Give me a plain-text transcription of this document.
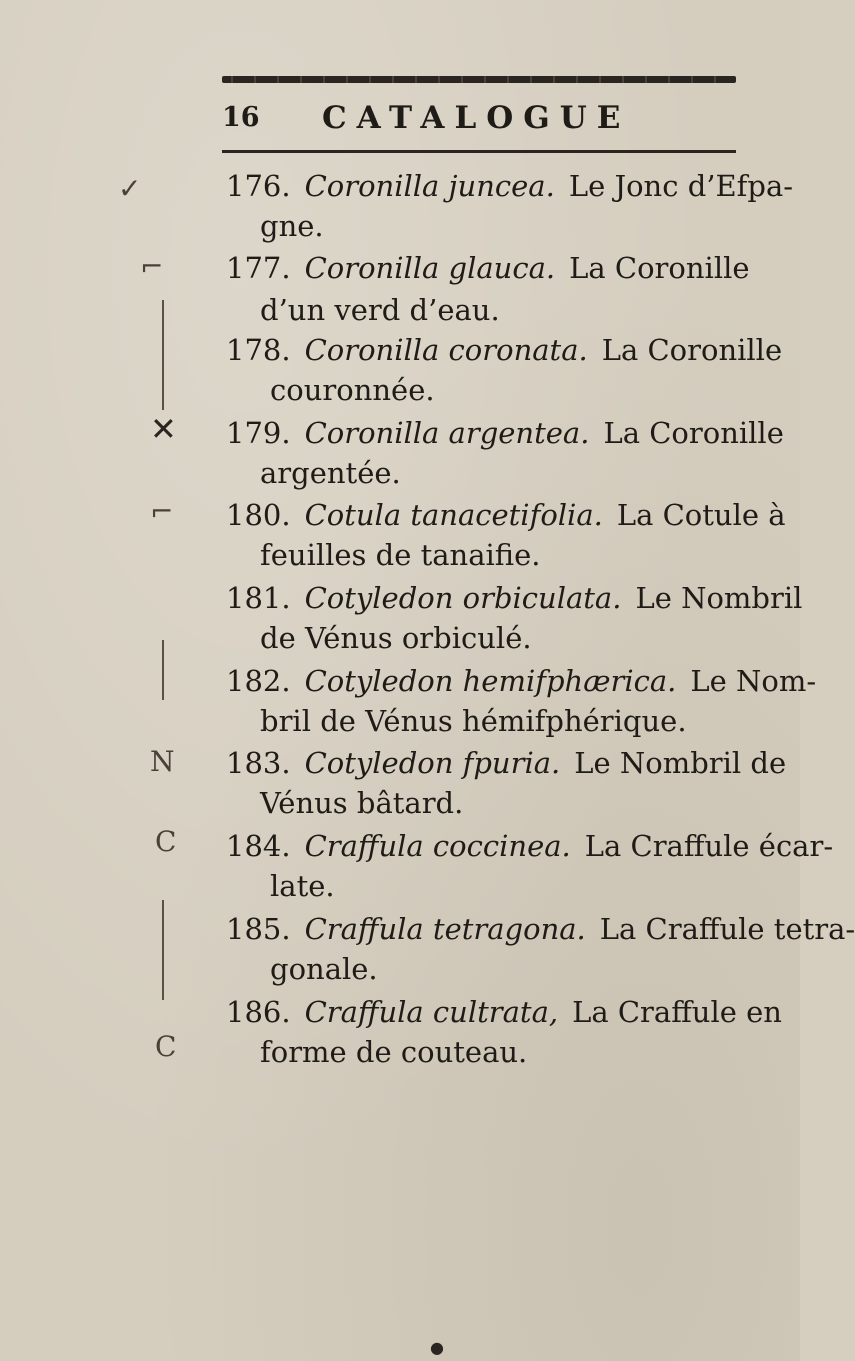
16 CATALOGUE
176. Coronilla juncea. Le Jonc d’Efpa-
gne.
177. Coronilla glauca. La Coronille
d’un verd d’eau.
178. Coronilla coronata. La Coronille
couronnée.
179. Coronilla argentea. La Coronille
argentée.
180. Cotula tanacetifolia. La Cotule à
feuilles de tanaifie.
181. Cotyledon orbiculata. Le Nombril
de Vénus orbiculé.
182. Cotyledon hemifphærica. Le Nom-
bril de Vénus hémifphérique.
183. Cotyledon fpuria. Le Nombril de
Vénus bâtard.
184. Craffula coccinea. La Craffule écar-
late.
185. Craffula tetragona. La Craffule tetra-
gonale.
186. Craffula cultrata, La Craffule en
forme de couteau.
✓
⌐
✕
⌐
N
C
C
●
